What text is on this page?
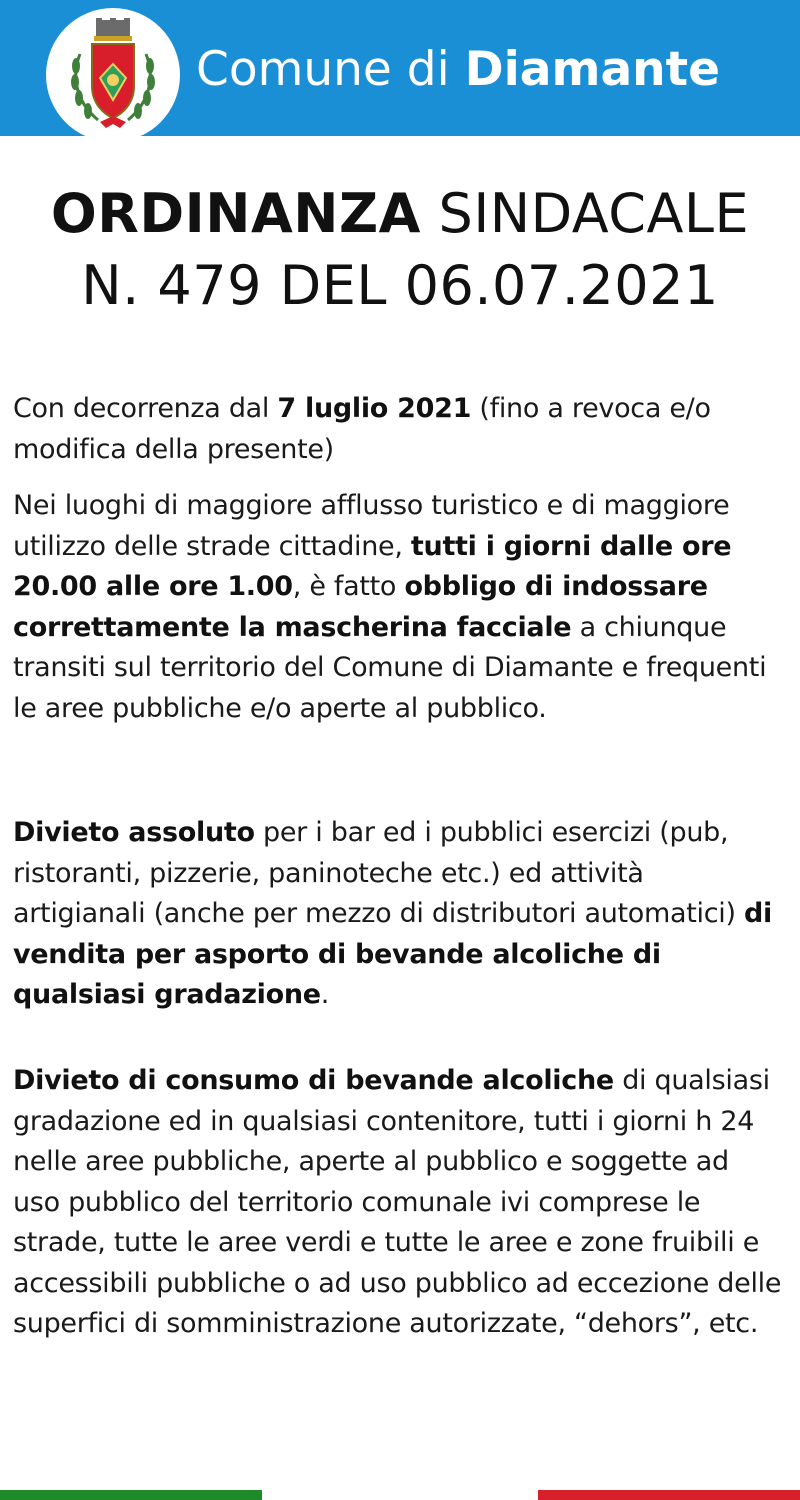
Comune di Diamante
ORDINANZA SINDACALE
N. 479 DEL 06.07.2021
Con decorrenza dal 7 luglio 2021 (fino a revoca e/o modifica della presente)
Nei luoghi di maggiore afflusso turistico e di maggiore utilizzo delle strade cittadine, tutti i giorni dalle ore 20.00 alle ore 1.00, è fatto obbligo di indossare correttamente la mascherina facciale a chiunque transiti sul territorio del Comune di Diamante e frequenti le aree pubbliche e/o aperte al pubblico.
Divieto assoluto per i bar ed i pubblici esercizi (pub, ristoranti, pizzerie, paninoteche etc.) ed attività artigianali (anche per mezzo di distributori automatici) di vendita per asporto di bevande alcoliche di qualsiasi gradazione.
Divieto di consumo di bevande alcoliche di qualsiasi gradazione ed in qualsiasi contenitore, tutti i giorni h 24 nelle aree pubbliche, aperte al pubblico e soggette ad uso pubblico del territorio comunale ivi comprese le strade, tutte le aree verdi e tutte le aree e zone fruibili e accessibili pubbliche o ad uso pubblico ad eccezione delle superfici di somministrazione autorizzate, “dehors”, etc.
